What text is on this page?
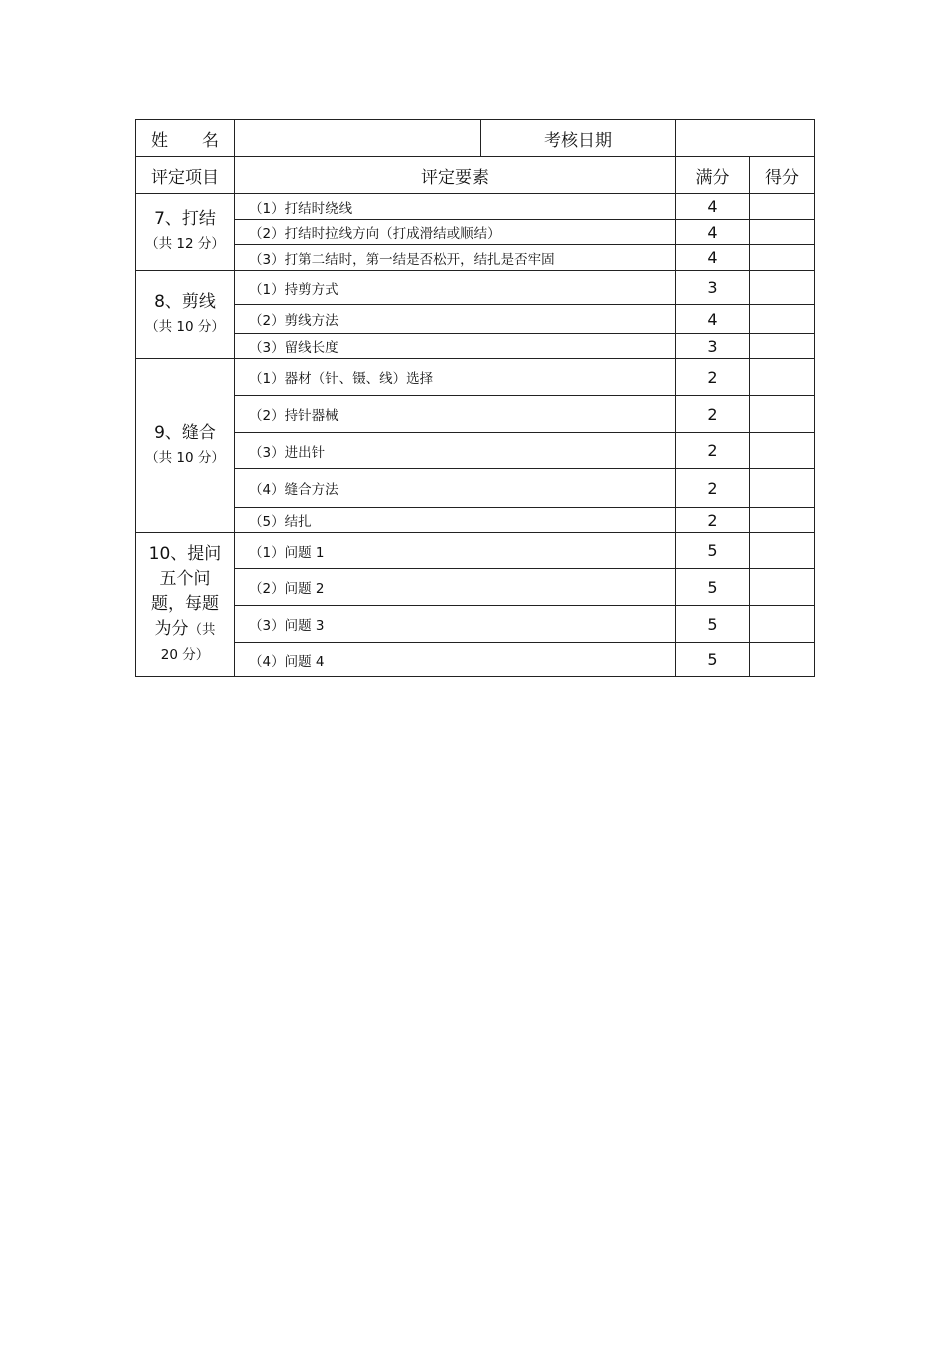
姓　　名		考核日期		
评定项目	评定要素		满分	得分

7、打结
（共 12 分）	（1）打结时绕线		4	
	（2）打结时拉线方向（打成滑结或顺结）		4	
	（3）打第二结时，第一结是否松开，结扎是否牢固		4	

8、剪线
（共 10 分）	（1）持剪方式		3	
	（2）剪线方法		4	
	（3）留线长度		3	

9、缝合
（共 10 分）	（1）器材（针、镊、线）选择		2	
	（2）持针器械		2	
	（3）进出针		2	
	（4）缝合方法		2	
	（5）结扎		2	

10、提问
五个问
题，每题
为分（共
20 分）	（1）问题 1		5	
	（2）问题 2		5	
	（3）问题 3		5	
	（4）问题 4		5	
